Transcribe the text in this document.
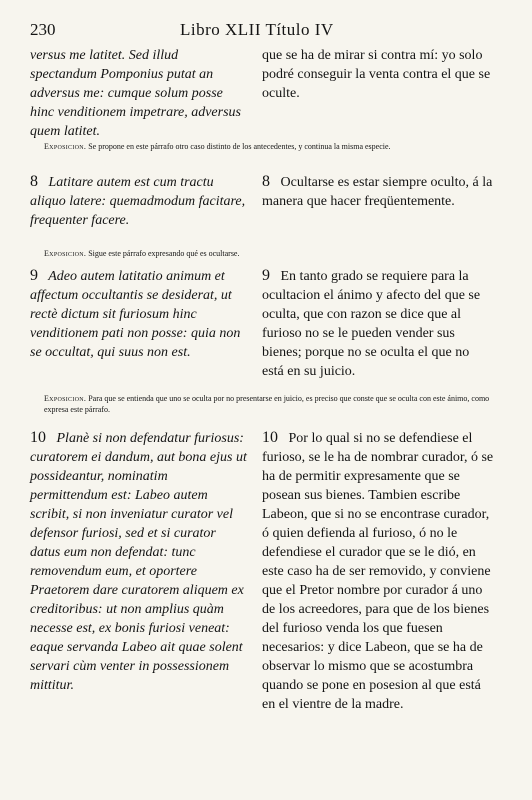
230	Libro XLII Título IV
versus me latitet. Sed illud spectandum Pomponius putat an adversus me: cumque solum posse hinc venditionem impetrare, adversus quem latitet.
que se ha de mirar si contra mí: yo solo podré conseguir la venta contra el que se oculte.
Exposicion. Se propone en este párrafo otro caso distinto de los antecedentes, y continua la misma especie.
8 Latitare autem est cum tractu aliquo latere: quemadmodum facitare, frequenter facere.
8 Ocultarse es estar siempre oculto, á la manera que hacer freqüentemente.
Exposicion. Sigue este párrafo expresando qué es ocultarse.
9 Adeo autem latitatio animum et affectum occultantis se desiderat, ut rectè dictum sit furiosum hinc venditionem pati non posse: quia non se occultat, qui suus non est.
9 En tanto grado se requiere para la ocultacion el ánimo y afecto del que se oculta, que con razon se dice que al furioso no se le pueden vender sus bienes; porque no se oculta el que no está en su juicio.
Exposicion. Para que se entienda que uno se oculta por no presentarse en juicio, es preciso que conste que se oculta con este ánimo, como expresa este párrafo.
10 Planè si non defendatur furiosus: curatorem ei dandum, aut bona ejus ut possideantur, nominatim permittendum est: Labeo autem scribit, si non inveniatur curator vel defensor furiosi, sed et si curator datus eum non defendat: tunc removendum eum, et oportere Praetorem dare curatorem aliquem ex creditoribus: ut non amplius quàm necesse est, ex bonis furiosi veneat: eaque servanda Labeo ait quae solent servari cùm venter in possessionem mittitur.
10 Por lo qual si no se defendiese el furioso, se le ha de nombrar curador, ó se ha de permitir expresamente que se posean sus bienes. Tambien escribe Labeon, que si no se encontrase curador, ó quien defienda al furioso, ó no le defendiese el curador que se le dió, en este caso ha de ser removido, y conviene que el Pretor nombre por curador á uno de los acreedores, para que de los bienes del furioso venda los que fuesen necesarios: y dice Labeon, que se ha de observar lo mismo que se acostumbra quando se pone en posesion al que está en el vientre de la madre.
